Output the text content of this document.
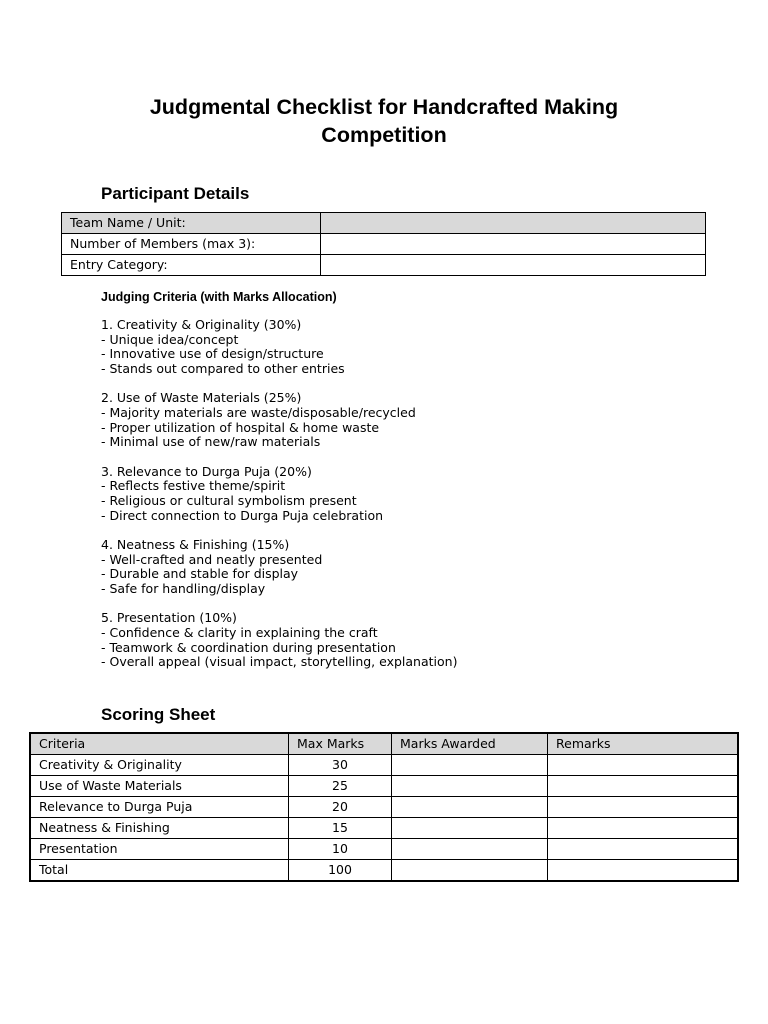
Judgmental Checklist for Handcrafted Making
Competition
Participant Details
Team Name / Unit:	
Number of Members (max 3):	
Entry Category:	

Judging Criteria (with Marks Allocation)

1. Creativity & Originality (30%)
- Unique idea/concept
- Innovative use of design/structure
- Stands out compared to other entries
2. Use of Waste Materials (25%)
- Majority materials are waste/disposable/recycled
- Proper utilization of hospital & home waste
- Minimal use of new/raw materials
3. Relevance to Durga Puja (20%)
- Reflects festive theme/spirit
- Religious or cultural symbolism present
- Direct connection to Durga Puja celebration
4. Neatness & Finishing (15%)
- Well-crafted and neatly presented
- Durable and stable for display
- Safe for handling/display
5. Presentation (10%)
- Confidence & clarity in explaining the craft
- Teamwork & coordination during presentation
- Overall appeal (visual impact, storytelling, explanation)
Scoring Sheet
Criteria	Max Marks	Marks Awarded	Remarks
Creativity & Originality	30		
Use of Waste Materials	25		
Relevance to Durga Puja	20		
Neatness & Finishing	15		
Presentation	10		
Total	100		
